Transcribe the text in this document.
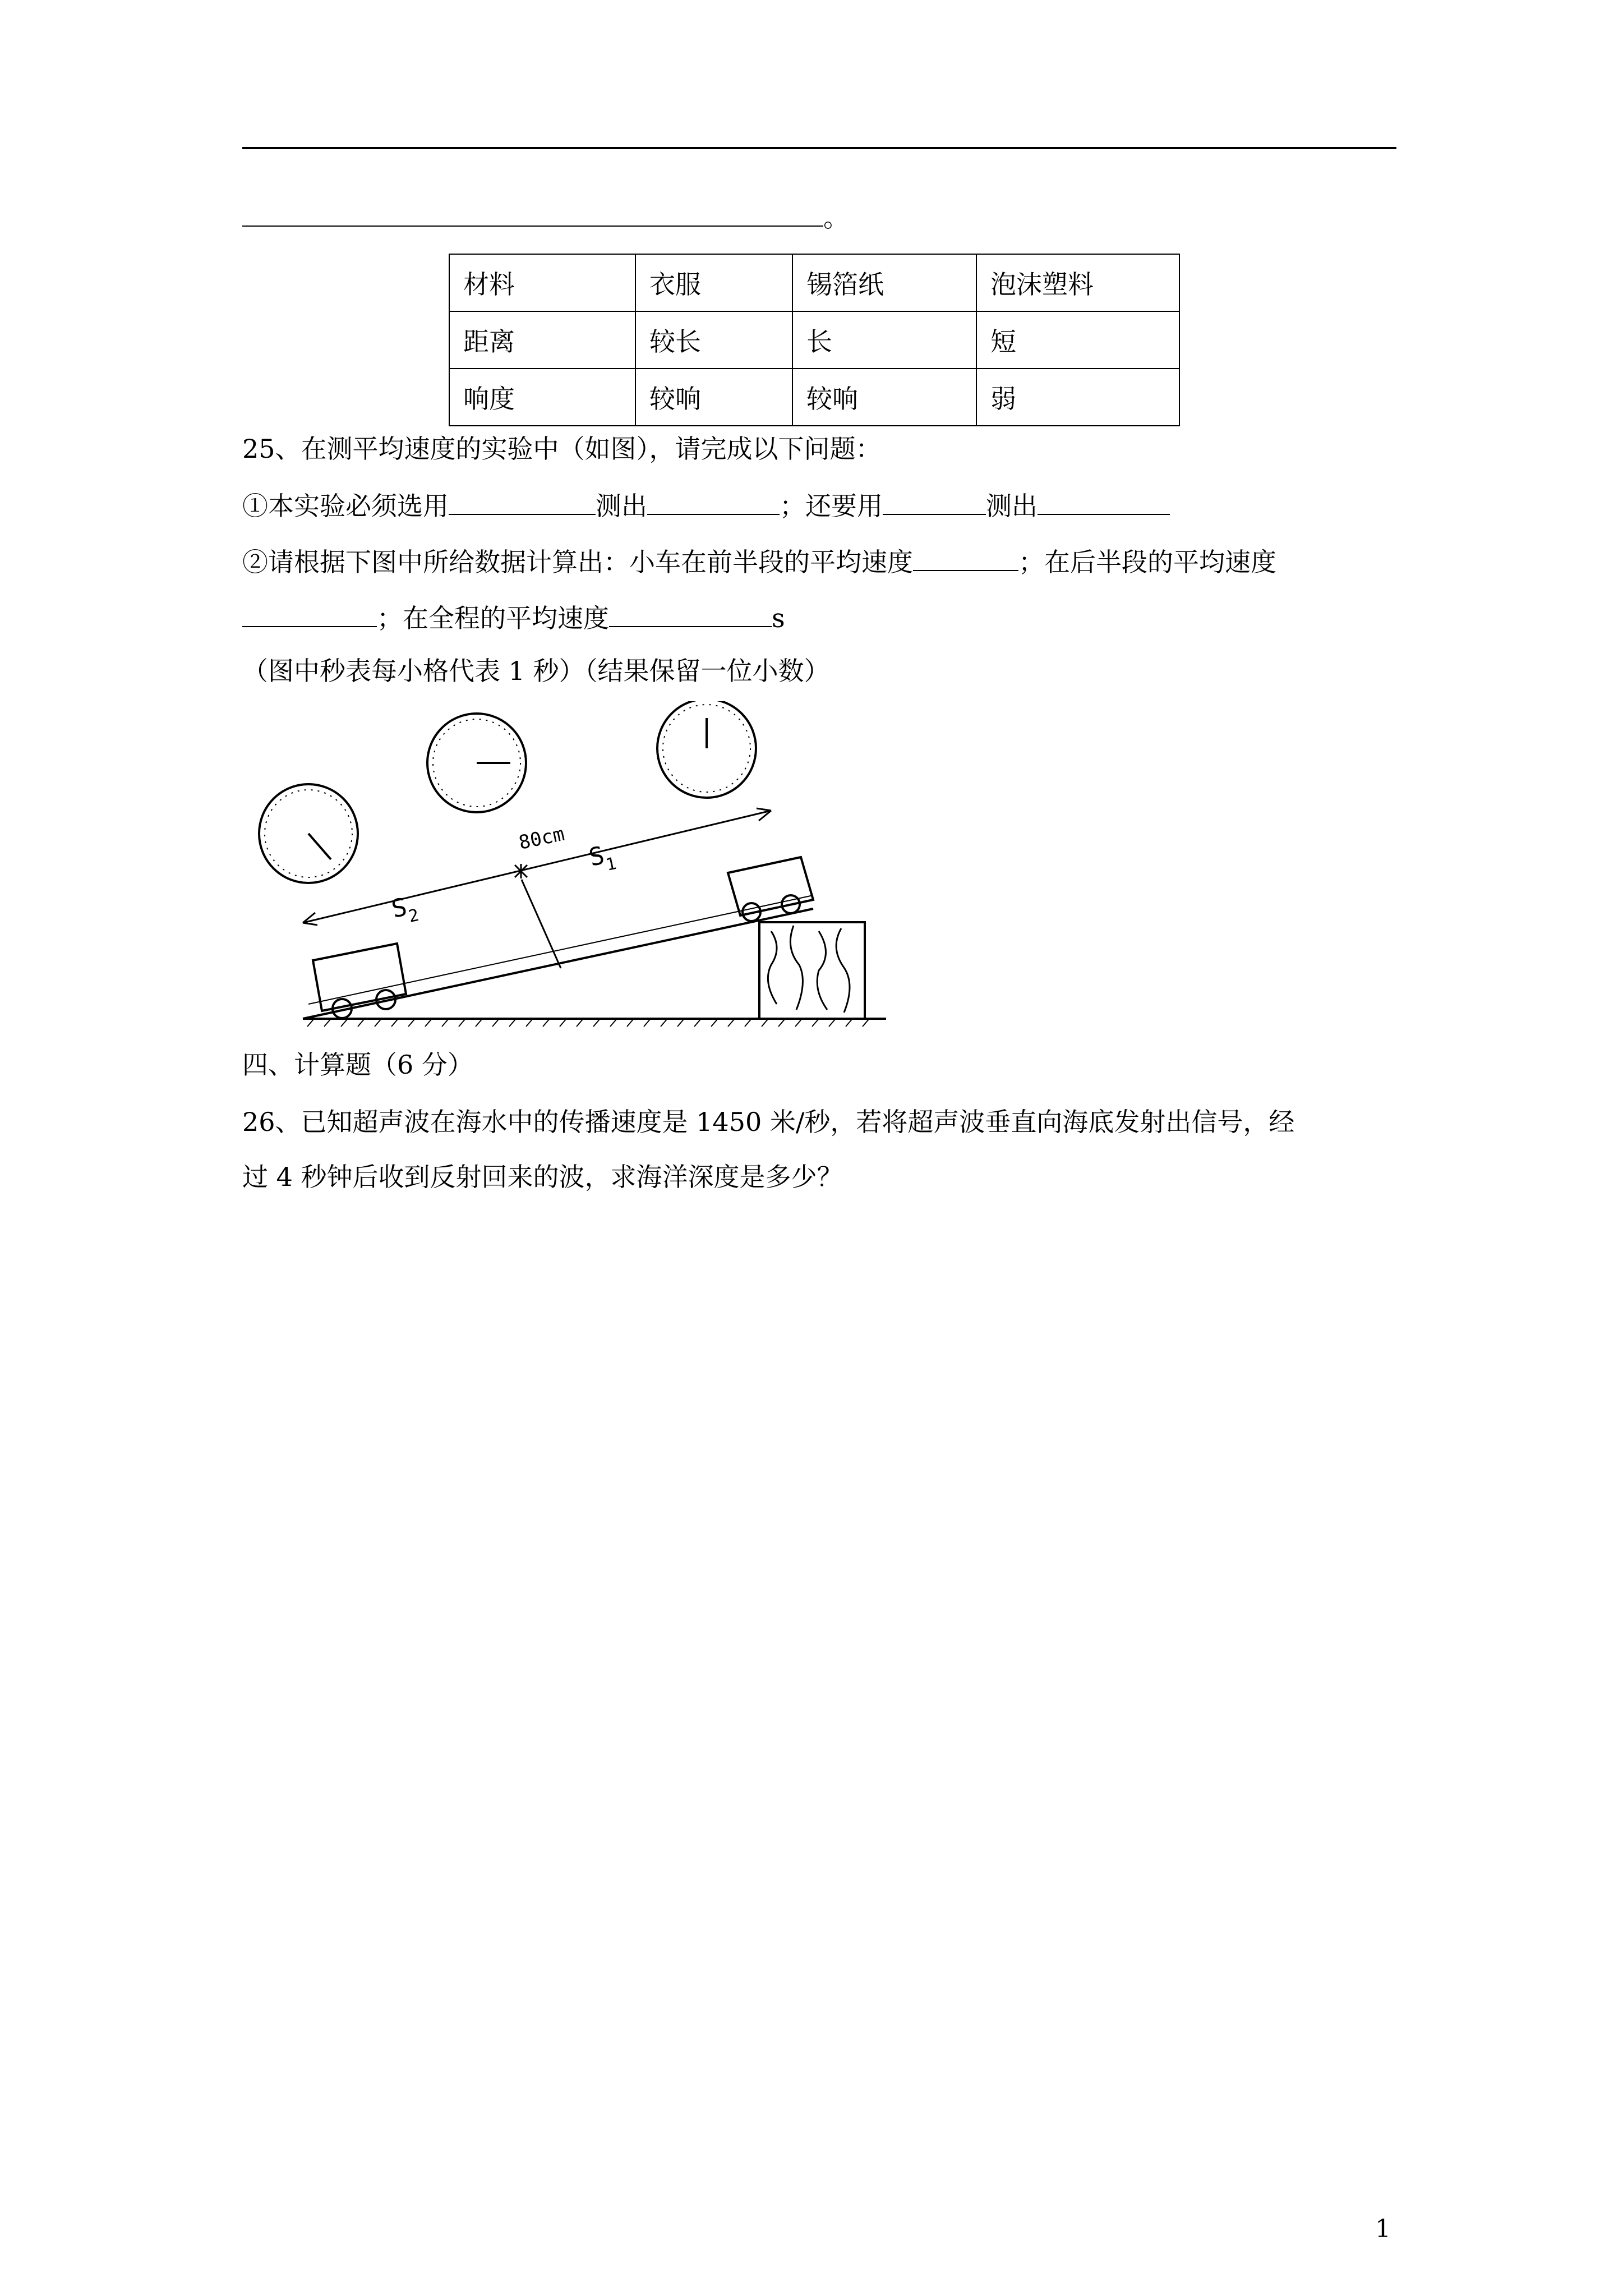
。
材料	衣服	锡箔纸	泡沫塑料
距离	较长	长	短
响度	较响	较响	弱
25、在测平均速度的实验中（如图），请完成以下问题：
①本实验必须选用	测出	；还要用	测出
②请根据下图中所给数据计算出：小车在前半段的平均速度	；在后半段的平均速度
；在全程的平均速度	s
（图中秒表每小格代表 1 秒）（结果保留一位小数）
80cm
$S_1$
$S_2$
四、计算题（6 分）
26、已知超声波在海水中的传播速度是 1450 米/秒，若将超声波垂直向海底发射出信号，经
过 4 秒钟后收到反射回来的波，求海洋深度是多少？
1
